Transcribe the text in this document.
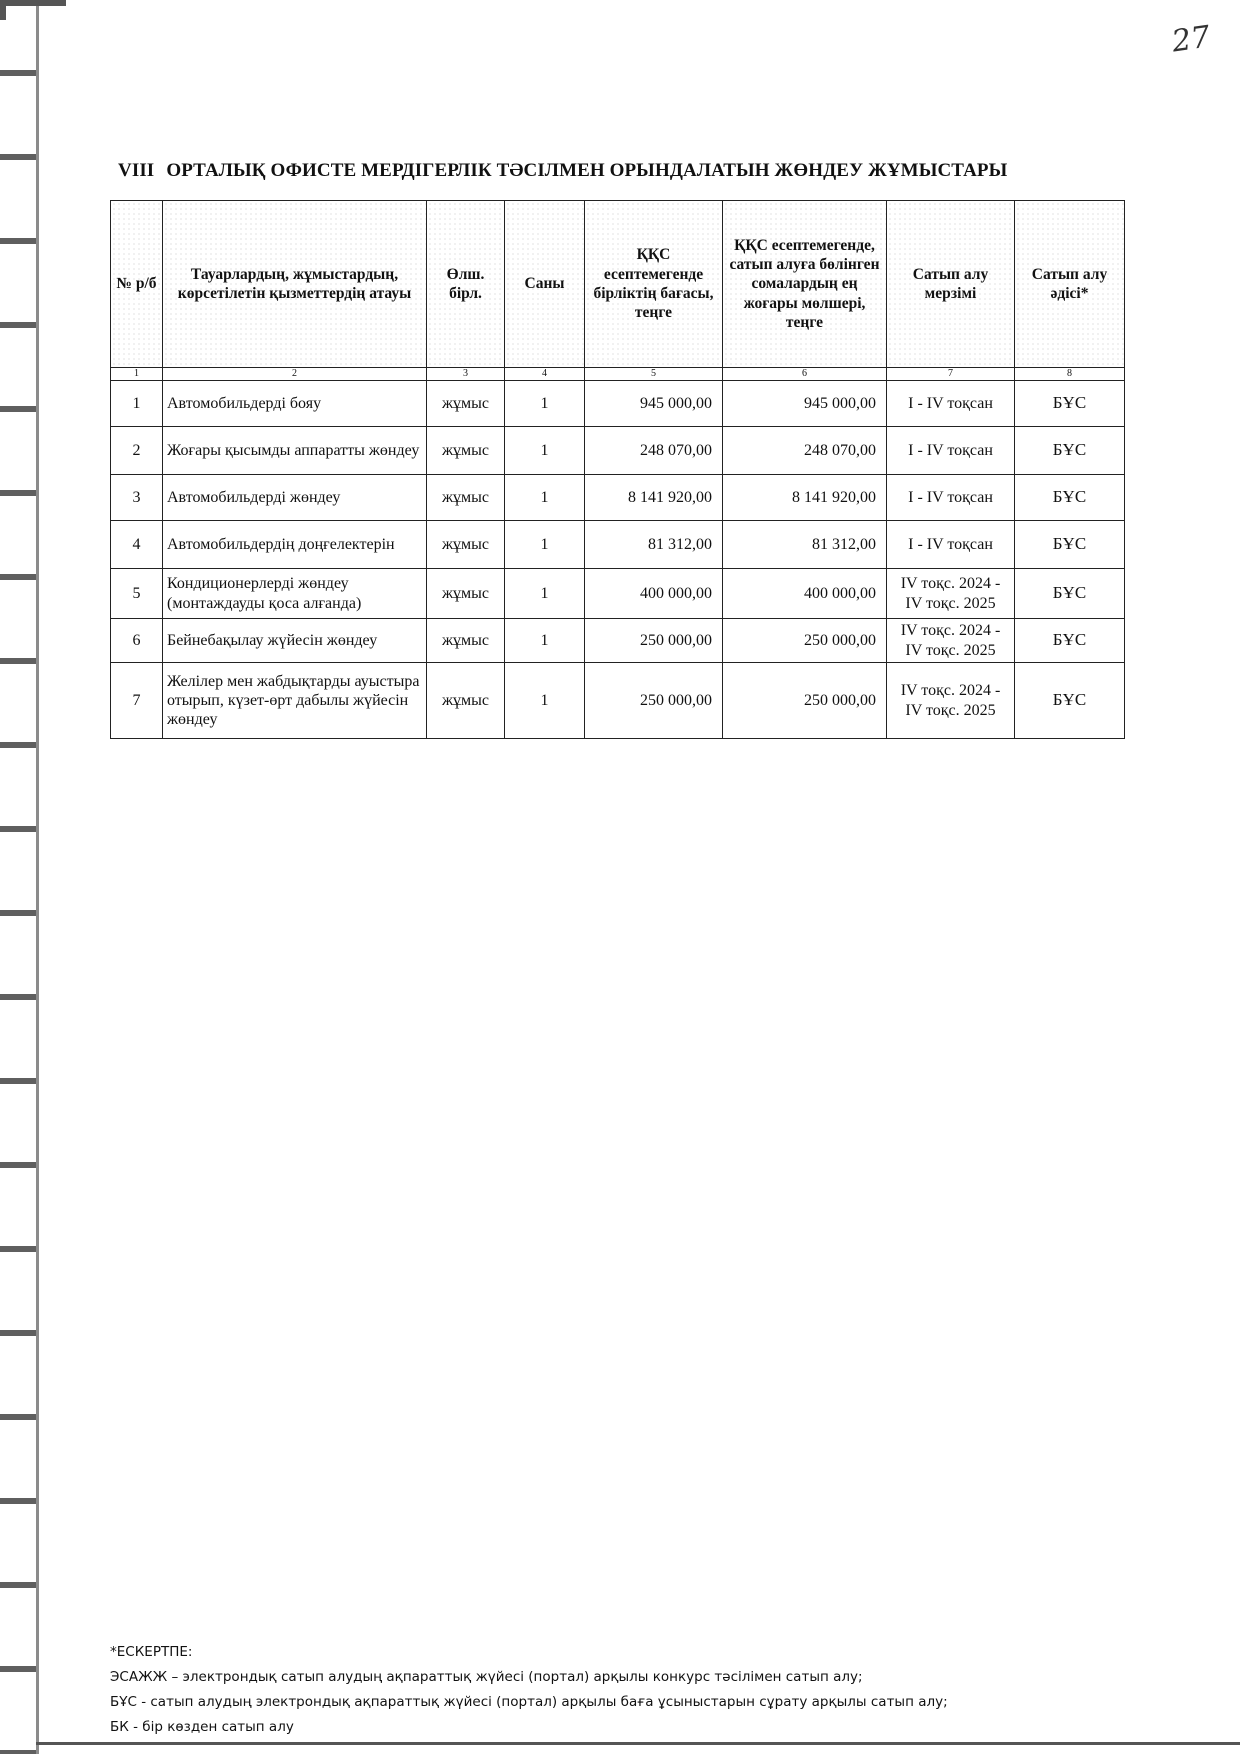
27
VIII ОРТАЛЫҚ ОФИСТЕ МЕРДІГЕРЛІК ТӘСІЛМЕН ОРЫНДАЛАТЫН ЖӨНДЕУ ЖҰМЫСТАРЫ
№ р/б	Тауарлардың, жұмыстардың, көрсетілетін қызметтердің атауы	Өлш. бірл.	Саны	ҚҚС есептемегенде бірліктің бағасы, теңге	ҚҚС есептемегенде, сатып алуға бөлінген сомалардың ең жоғары мөлшері, теңге	Сатып алу мерзімі	Сатып алу әдісі*
1	2	3	4	5	6	7	8
1	Автомобильдерді бояу	жұмыс	1	945 000,00	945 000,00	I - IV тоқсан	БҰС
2	Жоғары қысымды аппаратты жөндеу	жұмыс	1	248 070,00	248 070,00	I - IV тоқсан	БҰС
3	Автомобильдерді жөндеу	жұмыс	1	8 141 920,00	8 141 920,00	I - IV тоқсан	БҰС
4	Автомобильдердің доңғелектерін	жұмыс	1	81 312,00	81 312,00	I - IV тоқсан	БҰС
5	Кондиционерлерді жөндеу (монтаждауды қоса алғанда)	жұмыс	1	400 000,00	400 000,00	IV тоқс. 2024 - IV тоқс. 2025	БҰС
6	Бейнебақылау жүйесін жөндеу	жұмыс	1	250 000,00	250 000,00	IV тоқс. 2024 - IV тоқс. 2025	БҰС
7	Желілер мен жабдықтарды ауыстыра отырып, күзет-өрт дабылы жүйесін жөндеу	жұмыс	1	250 000,00	250 000,00	IV тоқс. 2024 - IV тоқс. 2025	БҰС

*ЕСКЕРТПЕ:

ЭСАЖЖ – электрондық сатып алудың ақпараттық жүйесі (портал) арқылы конкурс тәсілімен сатып алу;

БҰС - сатып алудың электрондық ақпараттық жүйесі (портал) арқылы баға ұсыныстарын сұрату арқылы сатып алу;

БК - бір көзден сатып алу
